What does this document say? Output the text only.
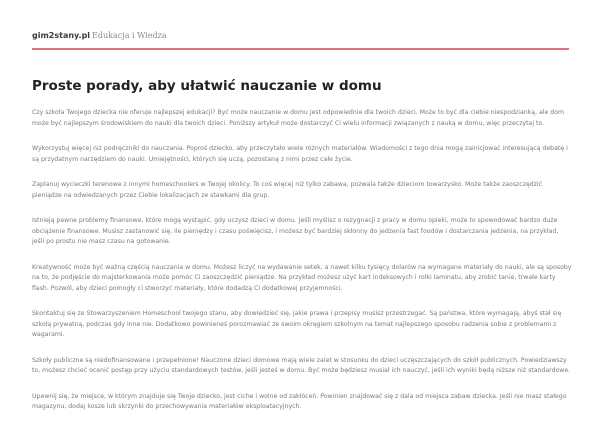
gim2stany.pl Edukacja i Wiedza
Proste porady, aby ułatwić nauczanie w domu

Czy szkoła Twojego dziecka nie oferuje najlepszej edukacji? Być może nauczanie w domu jest odpowiednie dla twoich dzieci. Może to być dla ciebie niespodzianką, ale dom może być najlepszym środowiskiem do nauki dla twoich dzieci. Poniższy artykuł może dostarczyć Ci wielu informacji związanych z nauką w domu, więc przeczytaj to.

Wykorzystuj więcej niż podręczniki do nauczania. Poproś dziecko, aby przeczytało wiele różnych materiałów. Wiadomości z tego dnia mogą zainicjować interesującą debatę i są przydatnym narzędziem do nauki. Umiejętności, których się uczą, pozostaną z nimi przez całe życie.

Zaplanuj wycieczki terenowe z innymi homeschoolers w Twojej okolicy. To coś więcej niż tylko zabawa, pozwala także dzieciom towarzysko. Może także zaoszczędzić pieniądze na odwiedzanych przez Ciebie lokalizacjach ze stawkami dla grup.

Istnieją pewne problemy finansowe, które mogą wystąpić, gdy uczysz dzieci w domu. Jeśli myślisz o rezygnacji z pracy w domu opieki, może to spowodować bardzo duże obciążenie finansowe. Musisz zastanowić się, ile pieniędzy i czasu poświęcisz, i możesz być bardziej skłonny do jedzenia fast foodów i dostarczania jedzenia, na przykład, jeśli po prostu nie masz czasu na gotowanie.

Kreatywność może być ważną częścią nauczania w domu. Możesz liczyć na wydawanie setek, a nawet kilku tysięcy dolarów na wymagane materiały do nauki, ale są sposoby na to, że podjęście do majsterkowania może pomóc Ci zaoszczędzić pieniądze. Na przykład możesz użyć kart indeksowych i rolki laminatu, aby zrobić tanie, trwałe karty flash. Pozwól, aby dzieci pomogły ci stworzyć materiały, które dodadzą Ci dodatkowej przyjemności.

Skontaktuj się ze Stowarzyszeniem Homeschool twojego stanu, aby dowiedzieć się, jakie prawa i przepisy musisz przestrzegać. Są państwa, które wymagają, abyś stał się szkołą prywatną, podczas gdy inne nie. Dodatkowo powinieneś porozmawiać ze swoim okręgiem szkolnym na temat najlepszego sposobu radzenia sobie z problemami z wagarami.

Szkoły publiczne są niedofinansowane i przepełnione! Nauczone dzieci domowe mają wiele zalet w stosunku do dzieci uczęszczających do szkół publicznych. Powiedziawszy to, możesz chcieć ocenić postęp przy użyciu standardowych testów, jeśli jesteś w domu. Być może będziesz musiał ich nauczyć, jeśli ich wyniki będą niższe niż standardowe.

Upewnij się, że miejsce, w którym znajduje się Twoje dziecko, jest ciche i wolne od zakłóceń. Powinien znajdować się z dala od miejsca zabaw dziecka. Jeśli nie masz stałego magazynu, dodaj kosze lub skrzynki do przechowywania materiałów eksploatacyjnych.
